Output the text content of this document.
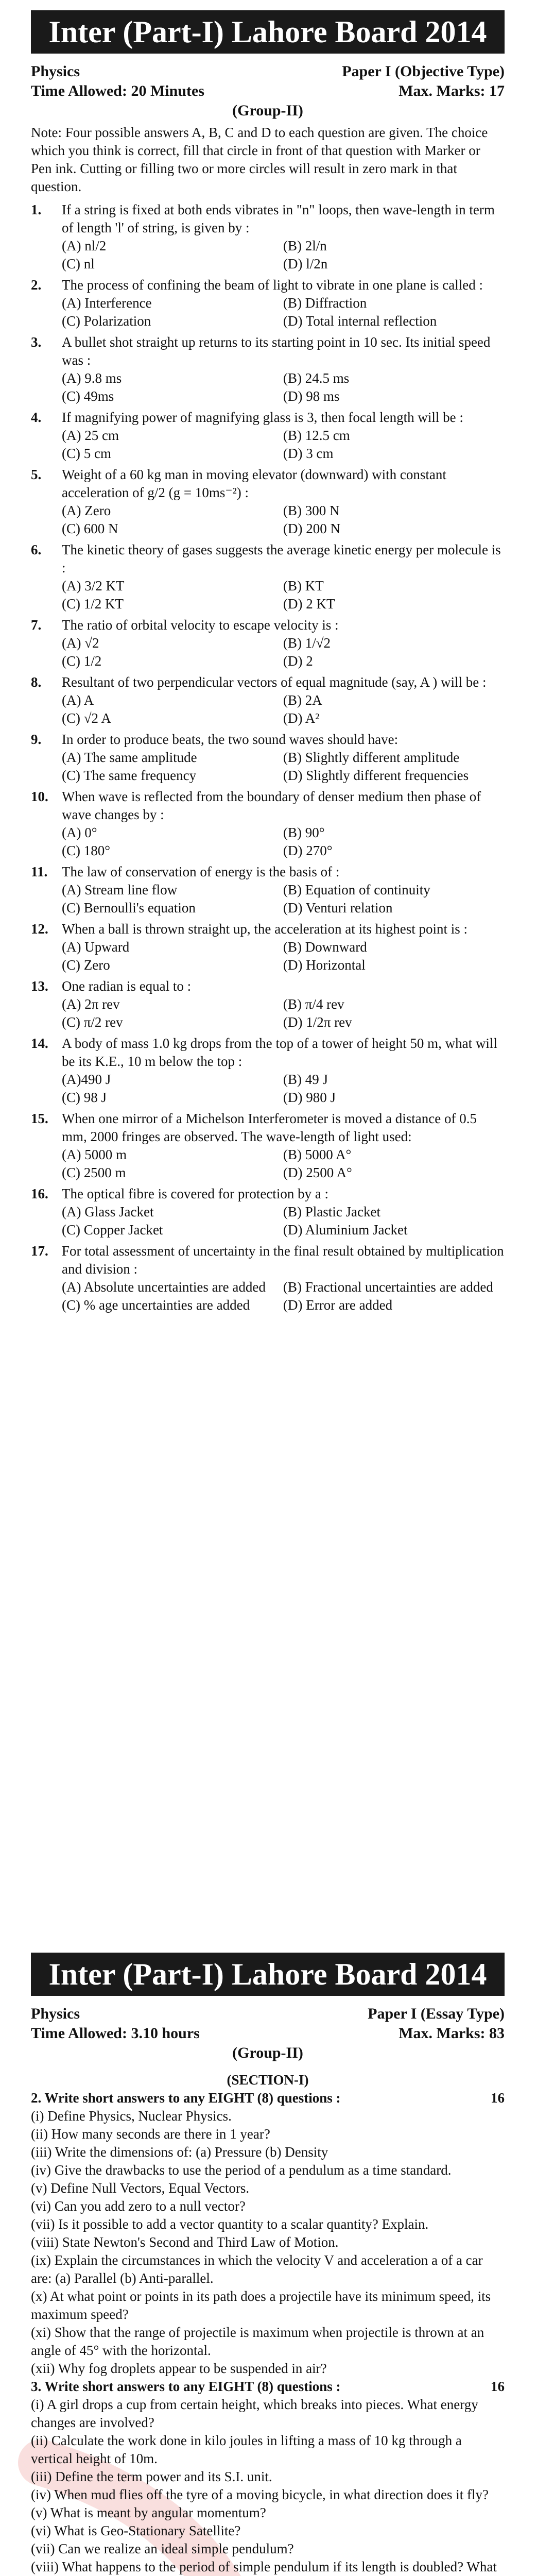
Inter (Part-I) Lahore Board 2014
Physics	Paper I (Objective Type)
Time Allowed: 20 Minutes	Max. Marks: 17
(Group-II)
Note: Four possible answers A, B, C and D to each question are given. The choice which you think is correct, fill that circle in front of that question with Marker or Pen ink. Cutting or filling two or more circles will result in zero mark in that question.
1.	If a string is fixed at both ends vibrates in "n" loops, then wave-length in term of length 'l' of string, is given by :
(A) nl/2	(B) 2l/n
(C) nl	(D) l/2n
2.	The process of confining the beam of light to vibrate in one plane is called :
(A) Interference	(B) Diffraction
(C) Polarization	(D) Total internal reflection
3.	A bullet shot straight up returns to its starting point in 10 sec. Its initial speed was :
(A) 9.8 ms	(B) 24.5 ms
(C) 49ms	(D) 98 ms
4.	If magnifying power of magnifying glass is 3, then focal length will be :
(A) 25 cm	(B) 12.5 cm
(C) 5 cm	(D) 3 cm
5.	Weight of a 60 kg man in moving elevator (downward) with constant acceleration of g/2 (g = 10ms⁻²) :
(A) Zero	(B) 300 N
(C) 600 N	(D) 200 N
6.	The kinetic theory of gases suggests the average kinetic energy per molecule is :
(A) 3/2 KT	(B) KT
(C) 1/2 KT	(D) 2 KT
7.	The ratio of orbital velocity to escape velocity is :
(A) √2	(B) 1/√2
(C) 1/2	(D) 2
8.	Resultant of two perpendicular vectors of equal magnitude (say, A ) will be :
(A) A	(B) 2A
(C) √2 A	(D) A²
9.	In order to produce beats, the two sound waves should have:
(A) The same amplitude	(B) Slightly different amplitude
(C) The same frequency	(D) Slightly different frequencies
10. When wave is reflected from the boundary of denser medium then phase of wave changes by :
(A) 0°	(B) 90°
(C) 180°	(D) 270°
11.	The law of conservation of energy is the basis of :
(A) Stream line flow	(B) Equation of continuity
(C) Bernoulli's equation	(D) Venturi relation
12. When a ball is thrown straight up, the acceleration at its highest point is :
(A) Upward	(B) Downward
(C) Zero	(D) Horizontal
13. One radian is equal to :
(A) 2π rev	(B) π/4 rev
(C) π/2 rev	(D) 1/2π rev
14. A body of mass 1.0 kg drops from the top of a tower of height 50 m, what will be its K.E., 10 m below the top :
(A)490 J	(B) 49 J
(C) 98 J	(D) 980 J
15. When one mirror of a Michelson Interferometer is moved a distance of 0.5 mm, 2000 fringes are observed. The wave-length of light used:
(A) 5000 m	(B) 5000 A°
(C) 2500 m	(D) 2500 A°
16. The optical fibre is covered for protection by a :
(A) Glass Jacket	(B) Plastic Jacket
(C) Copper Jacket	(D) Aluminium Jacket
17. For total assessment of uncertainty in the final result obtained by multiplication and division :
(A) Absolute uncertainties are added	(B) Fractional uncertainties are added
(C) % age uncertainties are added	(D) Error are added
Inter (Part-I) Lahore Board 2014
Physics	Paper I (Essay Type)
Time Allowed: 3.10 hours	Max. Marks: 83
(Group-II)
(SECTION-I)
2. Write short answers to any EIGHT (8) questions :	16
(i) Define Physics, Nuclear Physics.
(ii) How many seconds are there in 1 year?
(iii) Write the dimensions of: (a) Pressure (b) Density
(iv) Give the drawbacks to use the period of a pendulum as a time standard.
(v) Define Null Vectors, Equal Vectors.
(vi) Can you add zero to a null vector?
(vii) Is it possible to add a vector quantity to a scalar quantity? Explain.
(viii) State Newton's Second and Third Law of Motion.
(ix) Explain the circumstances in which the velocity V and acceleration a of a car are: (a) Parallel (b) Anti-parallel.
(x) At what point or points in its path does a projectile have its minimum speed, its maximum speed?
(xi) Show that the range of projectile is maximum when projectile is thrown at an angle of 45° with the horizontal.
(xii) Why fog droplets appear to be suspended in air?
3. Write short answers to any EIGHT (8) questions :	16
(i) A girl drops a cup from certain height, which breaks into pieces. What energy changes are involved?
(ii) Calculate the work done in kilo joules in lifting a mass of 10 kg through a vertical height of 10m.
(iii) Define the term power and its S.I. unit.
(iv) When mud flies off the tyre of a moving bicycle, in what direction does it fly?
(v) What is meant by angular momentum?
(vi) What is Geo-Stationary Satellite?
(vii) Can we realize an ideal simple pendulum?
(viii) What happens to the period of simple pendulum if its length is doubled? What
